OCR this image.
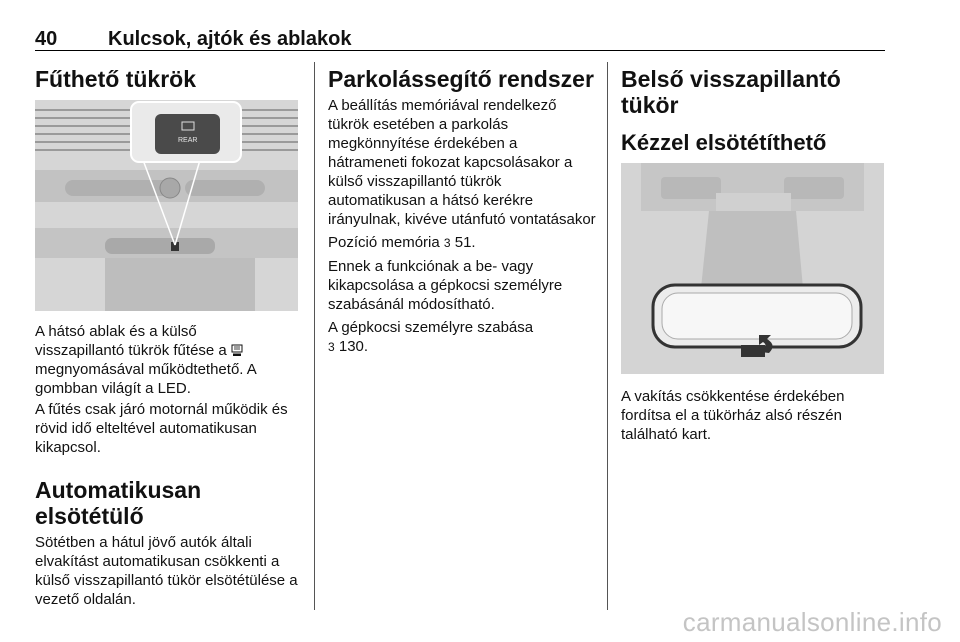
40	Kulcsok, ajtók és ablakok
Fűthető tükrök
REAR

A hátsó ablak és a külső
visszapillantó tükrök fűtése a  megnyomásával működtethető. A gombban világít a LED.

A fűtés csak járó motornál működik és rövid idő elteltével automatikusan kikapcsol.

Automatikusan elsötétülő

Sötétben a hátul jövő autók általi elvakítást automatikusan csökkenti a külső visszapillantó tükör elsötétülése a vezető oldalán.

Parkolássegítő rendszer

A beállítás memóriával rendelkező tükrök esetében a parkolás megkönnyítése érdekében a hátrameneti fokozat kapcsolásakor a külső visszapillantó tükrök automatikusan a hátsó kerékre irányulnak, kivéve utánfutó vontatásakor

Pozíció memória 3 51.

Ennek a funkciónak a be- vagy kikapcsolása a gépkocsi személyre szabásánál módosítható.

A gépkocsi személyre szabása
3 130.

Belső visszapillantó tükör
Kézzel elsötétíthető

A vakítás csökkentése érdekében fordítsa el a tükörház alsó részén található kart.

carmanualsonline.info
